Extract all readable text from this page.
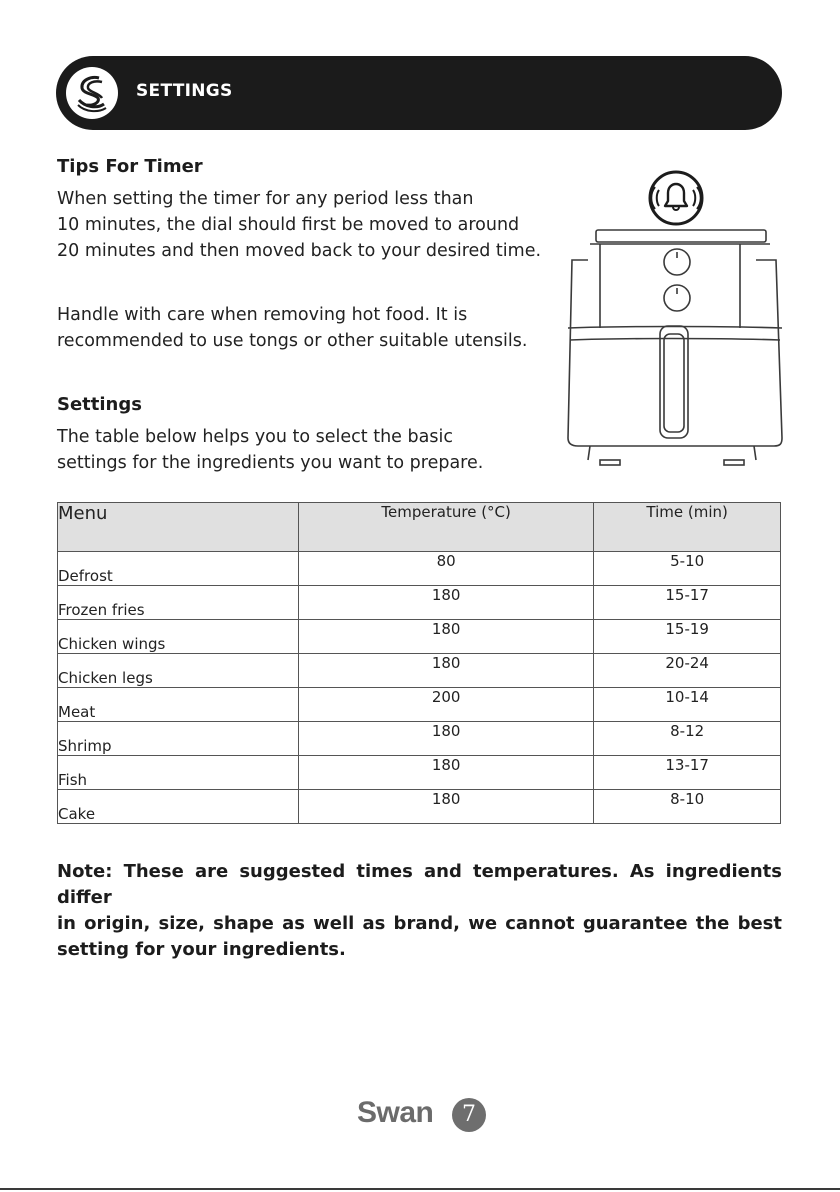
SETTINGS
Tips For Timer
When setting the timer for any period less than
10 minutes, the dial should first be moved to around
20 minutes and then moved back to your desired time.
Handle with care when removing hot food. It is
recommended to use tongs or other suitable utensils.
Settings
The table below helps you to select the basic
settings for the ingredients you want to prepare.
Menu	Temperature (°C)	Time (min)
Defrost	80	5-10
Frozen fries	180	15-17
Chicken wings	180	15-19
Chicken legs	180	20-24
Meat	200	10-14
Shrimp	180	8-12
Fish	180	13-17
Cake	180	8-10
Note: These are suggested times and temperatures. As ingredients differ
in origin, size, shape as well as brand, we cannot guarantee the best
setting for your ingredients.
Swan	7
